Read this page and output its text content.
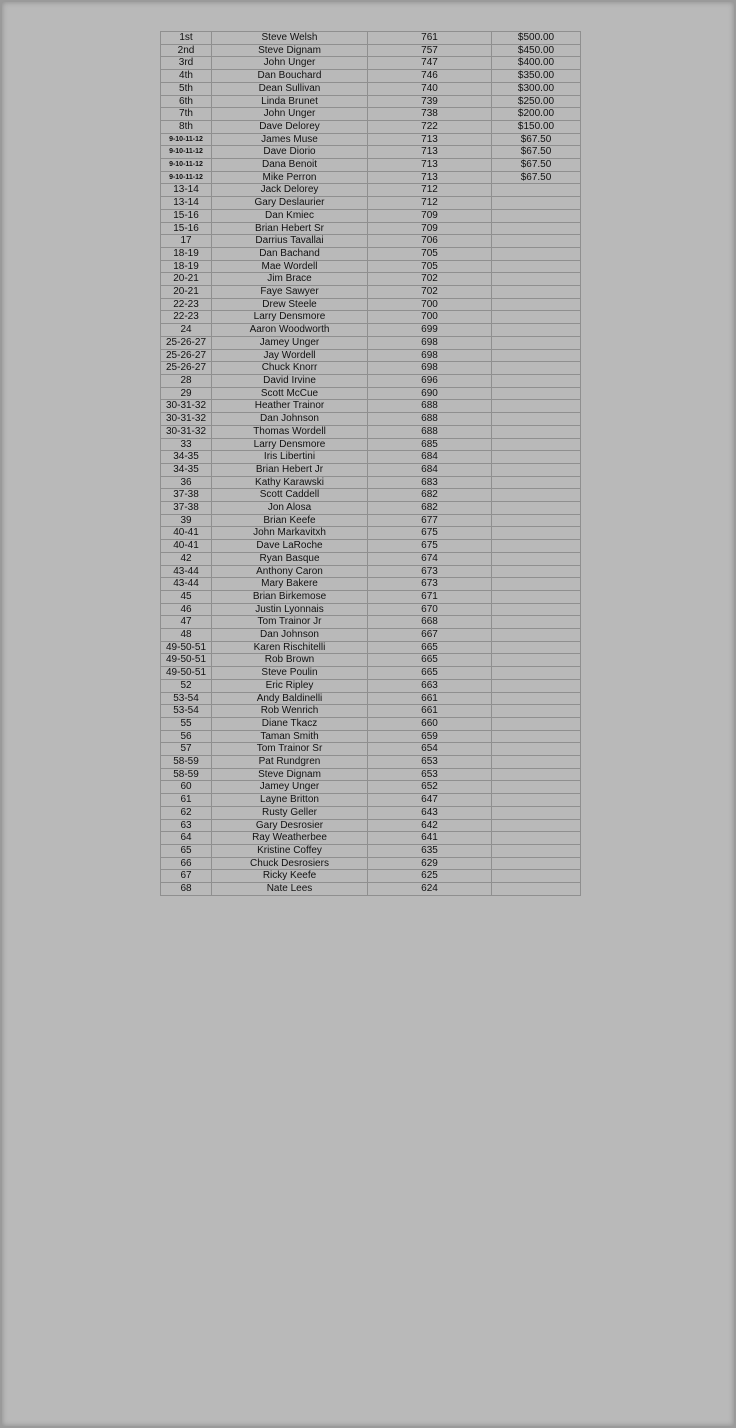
1st	Steve Welsh	761	$500.00
2nd	Steve Dignam	757	$450.00
3rd	John Unger	747	$400.00
4th	Dan Bouchard	746	$350.00
5th	Dean Sullivan	740	$300.00
6th	Linda Brunet	739	$250.00
7th	John Unger	738	$200.00
8th	Dave Delorey	722	$150.00
9-10-11-12	James Muse	713	$67.50
9-10-11-12	Dave Diorio	713	$67.50
9-10-11-12	Dana Benoit	713	$67.50
9-10-11-12	Mike Perron	713	$67.50
13-14	Jack Delorey	712	
13-14	Gary Deslaurier	712	
15-16	Dan Kmiec	709	
15-16	Brian Hebert Sr	709	
17	Darrius Tavallai	706	
18-19	Dan Bachand	705	
18-19	Mae Wordell	705	
20-21	Jim Brace	702	
20-21	Faye Sawyer	702	
22-23	Drew Steele	700	
22-23	Larry Densmore	700	
24	Aaron Woodworth	699	
25-26-27	Jamey Unger	698	
25-26-27	Jay Wordell	698	
25-26-27	Chuck Knorr	698	
28	David Irvine	696	
29	Scott McCue	690	
30-31-32	Heather Trainor	688	
30-31-32	Dan Johnson	688	
30-31-32	Thomas Wordell	688	
33	Larry Densmore	685	
34-35	Iris Libertini	684	
34-35	Brian Hebert Jr	684	
36	Kathy Karawski	683	
37-38	Scott Caddell	682	
37-38	Jon Alosa	682	
39	Brian Keefe	677	
40-41	John Markavitxh	675	
40-41	Dave LaRoche	675	
42	Ryan Basque	674	
43-44	Anthony Caron	673	
43-44	Mary Bakere	673	
45	Brian Birkemose	671	
46	Justin Lyonnais	670	
47	Tom Trainor Jr	668	
48	Dan Johnson	667	
49-50-51	Karen Rischitelli	665	
49-50-51	Rob Brown	665	
49-50-51	Steve Poulin	665	
52	Eric Ripley	663	
53-54	Andy Baldinelli	661	
53-54	Rob Wenrich	661	
55	Diane Tkacz	660	
56	Taman Smith	659	
57	Tom Trainor Sr	654	
58-59	Pat Rundgren	653	
58-59	Steve Dignam	653	
60	Jamey Unger	652	
61	Layne Britton	647	
62	Rusty Geller	643	
63	Gary Desrosier	642	
64	Ray Weatherbee	641	
65	Kristine Coffey	635	
66	Chuck Desrosiers	629	
67	Ricky Keefe	625	
68	Nate Lees	624	
